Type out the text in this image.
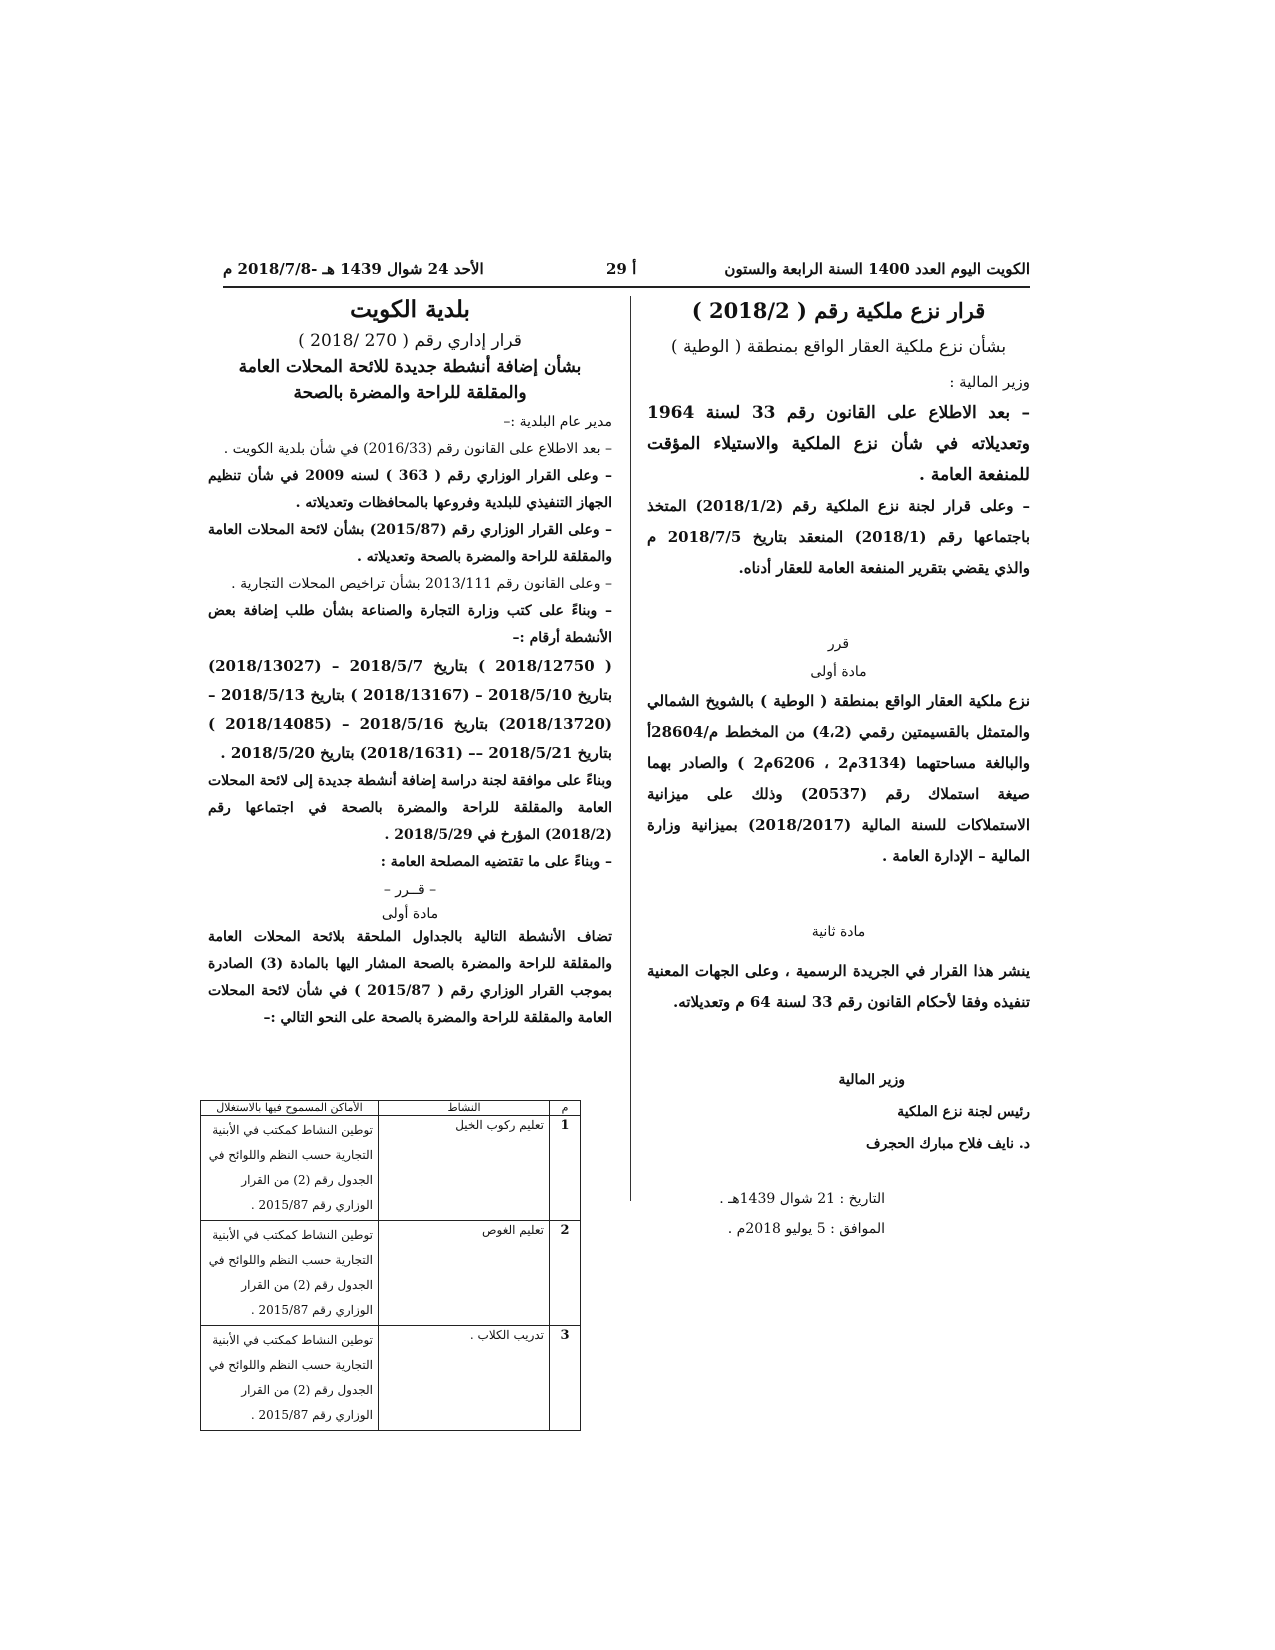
الكويت اليوم العدد 1400 السنة الرابعة والستون
أ 29
الأحد 24 شوال 1439 هـ -2018/7/8 م
قرار نزع ملكية رقم ( 2018/2 )
بشأن نزع ملكية العقار الواقع بمنطقة ( الوطية )

وزير المالية :

– بعد الاطلاع على القانون رقم 33 لسنة 1964 وتعديلاته في شأن نزع الملكية والاستيلاء المؤقت للمنفعة العامة .

– وعلى قرار لجنة نزع الملكية رقم (2018/1/2) المتخذ باجتماعها رقم (2018/1) المنعقد بتاريخ 2018/7/5 م والذي يقضي بتقرير المنفعة العامة للعقار أدناه.

قرر

مادة أولى

نزع ملكية العقار الواقع بمنطقة ( الوطية ) بالشويخ الشمالي والمتمثل بالقسيمتين رقمي (4،2) من المخطط م/28604أ والبالغة مساحتهما (3134م2 ، 6206م2 ) والصادر بهما صيغة استملاك رقم (20537) وذلك على ميزانية الاستملاكات للسنة المالية (2018/2017) بميزانية وزارة المالية – الإدارة العامة .

مادة ثانية

ينشر هذا القرار في الجريدة الرسمية ، وعلى الجهات المعنية تنفيذه وفقا لأحكام القانون رقم 33 لسنة 64 م وتعديلاته.

وزير المالية

رئيس لجنة نزع الملكية

د. نايف فلاح مبارك الحجرف

التاريخ : 21 شوال 1439هـ .

الموافق : 5 يوليو 2018م .

بلدية الكويت
قرار إداري رقم ( 270 /2018 )
بشأن إضافة أنشطة جديدة للائحة المحلات العامة
والمقلقة للراحة والمضرة بالصحة

مدير عام البلدية :–

– بعد الاطلاع على القانون رقم (2016/33) في شأن بلدية الكويت .

– وعلى القرار الوزاري رقم ( 363 ) لسنه 2009 في شأن تنظيم الجهاز التنفيذي للبلدية وفروعها بالمحافظات وتعديلاته .

– وعلى القرار الوزاري رقم (2015/87) بشأن لائحة المحلات العامة والمقلقة للراحة والمضرة بالصحة وتعديلاته .

– وعلى القانون رقم 2013/111 بشأن تراخيص المحلات التجارية .

– وبناءً على كتب وزارة التجارة والصناعة بشأن طلب إضافة بعض الأنشطة أرقام :–

( 2018/12750 ) بتاريخ 2018/5/7 – (2018/13027) بتاريخ 2018/5/10 – (2018/13167 ) بتاريخ 2018/5/13 – (2018/13720) بتاريخ 2018/5/16 – (2018/14085 ) بتاريخ 2018/5/21 –– (2018/1631) بتاريخ 2018/5/20 .

وبناءً على موافقة لجنة دراسة إضافة أنشطة جديدة إلى لائحة المحلات العامة والمقلقة للراحة والمضرة بالصحة في اجتماعها رقم (2018/2) المؤرخ في 2018/5/29 .

– وبناءً على ما تقتضيه المصلحة العامة :

– قــرر –

مادة أولى

تضاف الأنشطة التالية بالجداول الملحقة بلائحة المحلات العامة والمقلقة للراحة والمضرة بالصحة المشار اليها بالمادة (3) الصادرة بموجب القرار الوزاري رقم ( 2015/87 ) في شأن لائحة المحلات العامة والمقلقة للراحة والمضرة بالصحة على النحو التالي :–

م	النشاط	الأماكن المسموح فيها بالاستغلال
1	تعليم ركوب الخيل	توطين النشاط كمكتب في الأبنية التجارية حسب النظم واللوائح في الجدول رقم (2) من القرار الوزاري رقم 2015/87 .
2	تعليم الغوص	توطين النشاط كمكتب في الأبنية التجارية حسب النظم واللوائح في الجدول رقم (2) من القرار الوزاري رقم 2015/87 .
3	تدريب الكلاب .	توطين النشاط كمكتب في الأبنية التجارية حسب النظم واللوائح في الجدول رقم (2) من القرار الوزاري رقم 2015/87 .
